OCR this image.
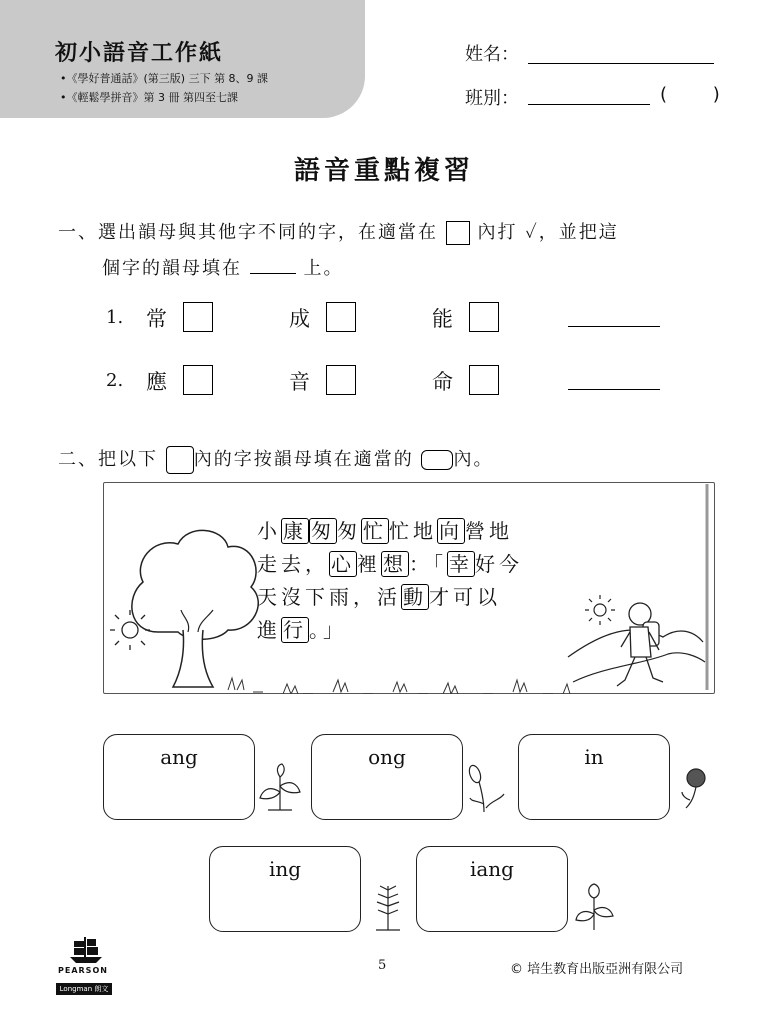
初小語音工作紙
•《學好普通話》(第三版) 三下 第 8、9 課
•《輕鬆學拼音》第 3 冊 第四至七課
姓名：
班別：	( )
語音重點複習
一、選出韻母與其他字不同的字，在適當在 內打 ✓，並把這
個字的韻母填在	上。
1. 常	成	能
2. 應	音	命
二、把以下 內的字按韻母填在適當的 內。
小 康 匆 匆 忙 忙地 向 營地
走去， 心 裡 想 ：「 幸 好今
天沒下雨，活 動 才可以
進 行 。」
ang	ong	in
ing	iang
PEARSON
Longman 朗文
5	© 培生教育出版亞洲有限公司
